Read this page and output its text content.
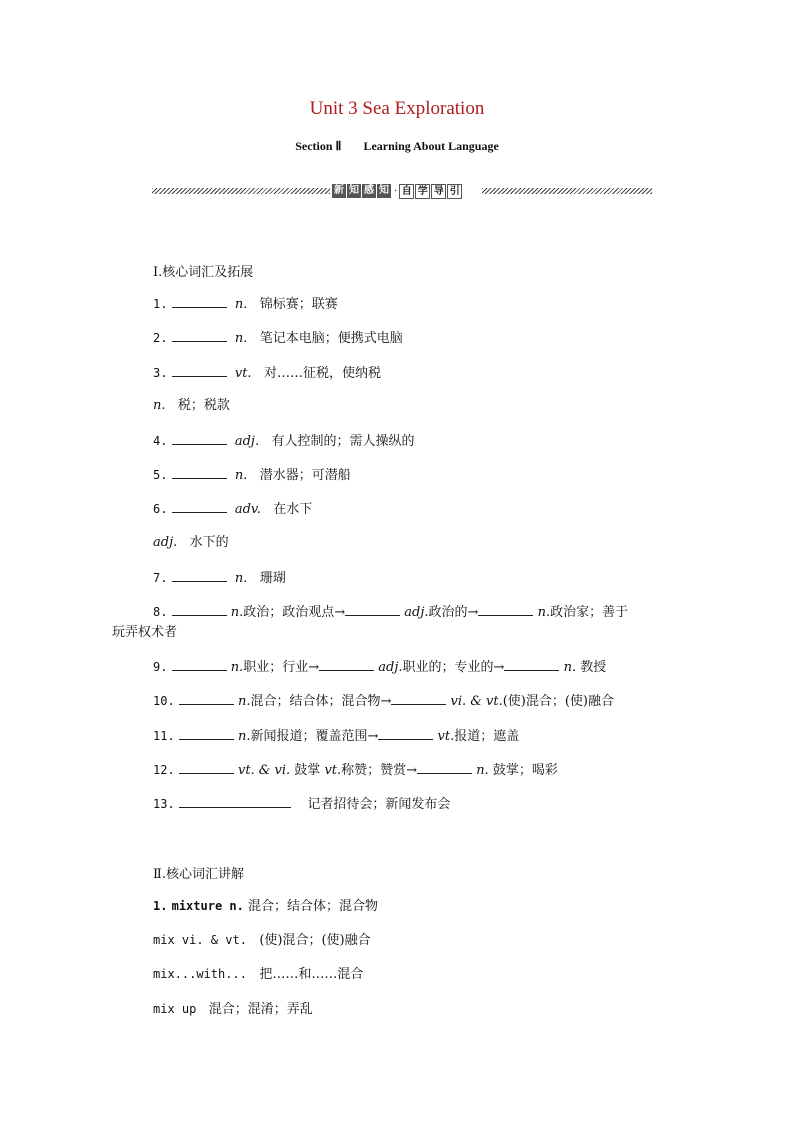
Unit 3 Sea Exploration
Section Ⅱ Learning About Language
新 知 感 知 · 自 学 导 引
Ⅰ.核心词汇及拓展
1.	n. 锦标赛；联赛
2.	n. 笔记本电脑；便携式电脑
3.	vt. 对……征税，使纳税
n. 税；税款
4.	adj. 有人控制的；需人操纵的
5.	n. 潜水器；可潜船
6.	adv. 在水下
adj. 水下的
7.	n. 珊瑚
8.	n.政治；政治观点→	adj.政治的→	n.政治家；善于
玩弄权术者
9.	n.职业；行业→	adj.职业的；专业的→	n. 教授
10.	n.混合；结合体；混合物→	vi. & vt.(使)混合；(使)融合
11.	n.新闻报道；覆盖范围→	vt.报道；遮盖
12.	vt. & vi. 鼓掌 vt.称赞；赞赏→	n. 鼓掌；喝彩
13.	记者招待会；新闻发布会
Ⅱ.核心词汇讲解
1. mixture n. 混合；结合体；混合物
mix vi. & vt. (使)混合；(使)融合
mix...with... 把……和……混合
mix up 混合；混淆；弄乱
